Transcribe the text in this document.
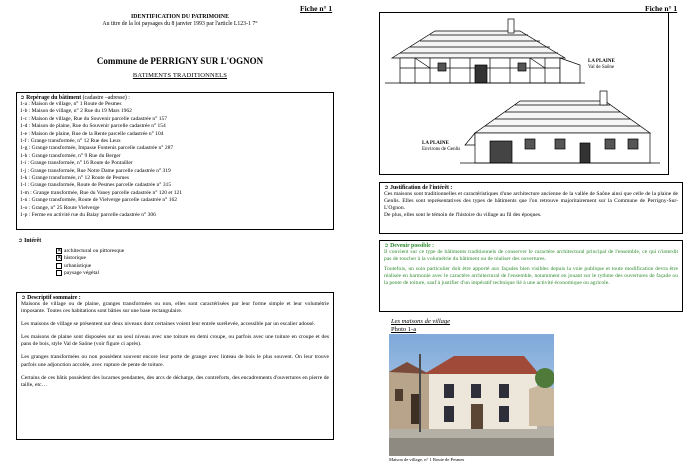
Fiche n° 1
IDENTIFICATION DU PATRIMOINE
Au titre de la loi paysages du 8 janvier 1993 par l'article L123-1 7°
Commune de PERRIGNY SUR L'OGNON
BATIMENTS TRADITIONNELS
➲ Repérage du bâtiment (cadastre –adresse) :
1-a : Maison de village, n° 1 Route de Pesmes
1-b : Maison de village, n° 2 Rue du 19 Mars 1962
1-c : Maison de village, Rue du Souvenir parcelle cadastrée n° 157
1-d : Maison de plaine, Rue du Souvenir parcelle cadastrée n° 154
1-e : Maison de plaine, Rue de la Rente parcelle cadastrée n° 104
1-f : Grange transformée, n° 12 Rue des Leux
1-g : Grange transformée, Impasse Fontenis parcelle cadastrée n° 287
1-h : Grange transformée, n° 9 Rue du Berger
1-i : Grange transformée, n° 16 Route de Pontailler
1-j : Grange transformée, Rue Notre Dame parcelle cadastrée n° 319
1-k : Grange transformée, n° 12 Route de Pesmes
1-l : Grange transformée, Route de Pesmes parcelle cadastrée n° 315
1-m : Grange transformée, Rue du Vaney parcelle cadastrée n° 120 et 121
1-n : Grange transformée, Route de Vielverge parcelle cadastrée n° 162
1-o : Grange, n° 25 Route Vielverge
1-p : Ferme en activité rue du Balay parcelle cadastrée n° 306
➲ Intérêt
✕ architectural ou pittoresque
✕ historique
urbanistique
paysage végétal
➲ Descriptif sommaire :
Maisons de village ou de plaine, granges transformées ou non, elles sont caractérisées par leur forme simple et leur volumétrie imposante. Toutes ces habitations sont bâties sur une base rectangulaire.
Les maisons de village se présentent sur deux niveaux dont certaines voient leur entrée surélevée, accessible par un escalier adossé.
Les maisons de plaine sont disposées sur un seul niveau avec une toiture en demi croupe, ou parfois avec une toiture en croupe et des pans de bois, style Val de Saône (voir figure ci après).
Les granges transformées ou non possèdent souvent encore leur porte de grange avec linteau de bois le plus souvent. On leur trouve parfois une adjonction accolée, avec rupture de pente de toiture.
Certains de ces bâtis possèdent des lucarnes pendantes, des arcs de décharge, des contreforts, des encadrements d'ouvertures en pierre de taille, etc…
Fiche n° 1
LA PLAINE
Val de Saône
LA PLAINE
Environs de Genlis
➲ Justification de l'intérêt :
Ces maisons sont traditionnelles et caractéristiques d'une architecture ancienne de la vallée de Saône ainsi que celle de la plaine de Genlis. Elles sont représentatives des types de bâtiments que l'on retrouve majoritairement sur la Commune de Perrigny-Sur-L'Ognon.
De plus, elles sont le témoin de l'histoire du village au fil des époques.
➲ Devenir possible :
Il convient sur ce type de bâtiments traditionnels de conserver le caractère architectural principal de l'ensemble, ce qui n'interdit pas de toucher à la volumétrie du bâtiment ou de réaliser des ouvertures.
Toutefois, un soin particulier doit être apporté aux façades bien visibles depuis la voie publique et toute modification devra être réalisée en harmonie avec le caractère architectural de l'ensemble, notamment en jouant sur le rythme des ouvertures de façade ou la pente de toiture, sauf à justifier d'un impératif technique lié à une activité économique ou agricole.
Les maisons de village
Photo 1-a
Maison de village, n° 1 Route de Pesmes
